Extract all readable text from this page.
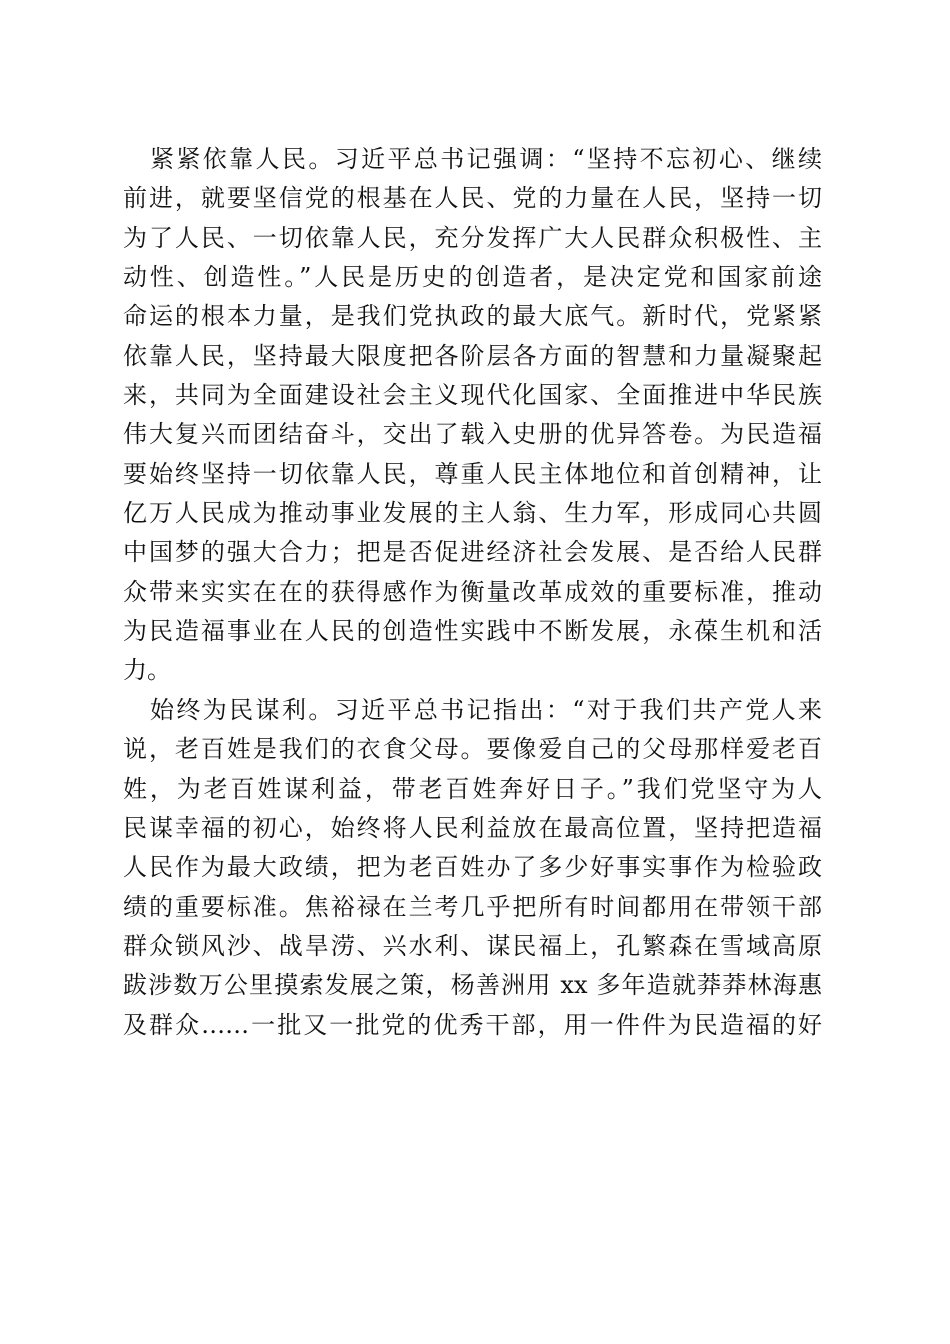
紧紧依靠人民。习近平总书记强调：“坚持不忘初心、继续
前进，就要坚信党的根基在人民、党的力量在人民，坚持一切
为了人民、一切依靠人民，充分发挥广大人民群众积极性、主
动性、创造性。”人民是历史的创造者，是决定党和国家前途
命运的根本力量，是我们党执政的最大底气。新时代，党紧紧
依靠人民，坚持最大限度把各阶层各方面的智慧和力量凝聚起
来，共同为全面建设社会主义现代化国家、全面推进中华民族
伟大复兴而团结奋斗，交出了载入史册的优异答卷。为民造福
要始终坚持一切依靠人民，尊重人民主体地位和首创精神，让
亿万人民成为推动事业发展的主人翁、生力军，形成同心共圆
中国梦的强大合力；把是否促进经济社会发展、是否给人民群
众带来实实在在的获得感作为衡量改革成效的重要标准，推动
为民造福事业在人民的创造性实践中不断发展，永葆生机和活
力。
始终为民谋利。习近平总书记指出：“对于我们共产党人来
说，老百姓是我们的衣食父母。要像爱自己的父母那样爱老百
姓，为老百姓谋利益，带老百姓奔好日子。”我们党坚守为人
民谋幸福的初心，始终将人民利益放在最高位置，坚持把造福
人民作为最大政绩，把为老百姓办了多少好事实事作为检验政
绩的重要标准。焦裕禄在兰考几乎把所有时间都用在带领干部
群众锁风沙、战旱涝、兴水利、谋民福上，孔繁森在雪域高原
跋涉数万公里摸索发展之策，杨善洲用 xx 多年造就莽莽林海惠
及群众……一批又一批党的优秀干部，用一件件为民造福的好
